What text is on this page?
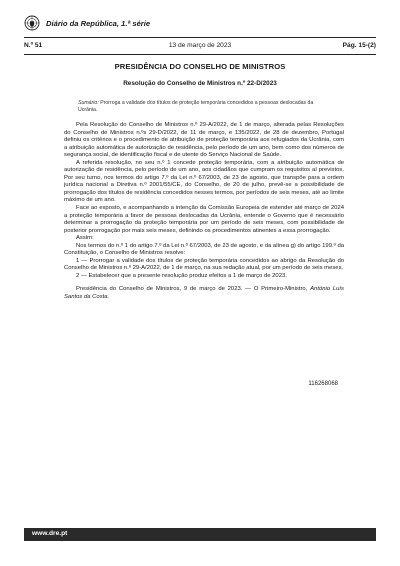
Diário da República, 1.ª série
N.º 51	13 de março de 2023	Pág. 15-(2)
PRESIDÊNCIA DO CONSELHO DE MINISTROS
Resolução do Conselho de Ministros n.º 22-D/2023
Sumário: Prorroga a validade dos títulos de proteção temporária concedidos a pessoas deslocadas da Ucrânia.

Pela Resolução do Conselho de Ministros n.º 29-A/2022, de 1 de março, alterada pelas Resoluções do Conselho de Ministros n.ºs 29-D/2022, de 11 de março, e 135/2022, de 28 de dezembro, Portugal definiu os critérios e o procedimento de atribuição de proteção temporária aos refugiados da Ucrânia, com a atribuição automática de autorização de residência, pelo período de um ano, bem como dos números de segurança social, de identificação fiscal e de utente do Serviço Nacional de Saúde.

A referida resolução, no seu n.º 1 concede proteção temporária, com a atribuição automática de autorização de residência, pelo período de um ano, aos cidadãos que cumpram os requisitos aí previstos. Por seu turno, nos termos do artigo 7.º da Lei n.º 67/2003, de 23 de agosto, que transpõe para a ordem jurídica nacional a Diretiva n.º 2001/55/CE, do Conselho, de 20 de julho, prevê-se a possibilidade de prorrogação dos títulos de residência concedidos nesses termos, por períodos de seis meses, até ao limite máximo de um ano.

Face ao exposto, e acompanhando a intenção da Comissão Europeia de estender até março de 2024 a proteção temporária a favor de pessoas deslocadas da Ucrânia, entende o Governo que é necessário determinar a prorrogação da proteção temporária por um período de seis meses, com possibilidade de posterior prorrogação por mais seis meses, definindo os procedimentos atinentes a essa prorrogação.

Assim:

Nos termos do n.º 1 do artigo 7.º da Lei n.º 67/2003, de 23 de agosto, e da alínea g) do artigo 199.º da Constituição, o Conselho de Ministros resolve:

1 — Prorrogar a validade dos títulos de proteção temporária concedidos ao abrigo da Resolução do Conselho de Ministros n.º 29-A/2022, de 1 de março, na sua redação atual, por um período de seis meses.

2 — Estabelecer que a presente resolução produz efeitos a 1 de março de 2023.

Presidência do Conselho de Ministros, 9 de março de 2023. — O Primeiro-Ministro, António Luís Santos da Costa.

116268068
www.dre.pt
